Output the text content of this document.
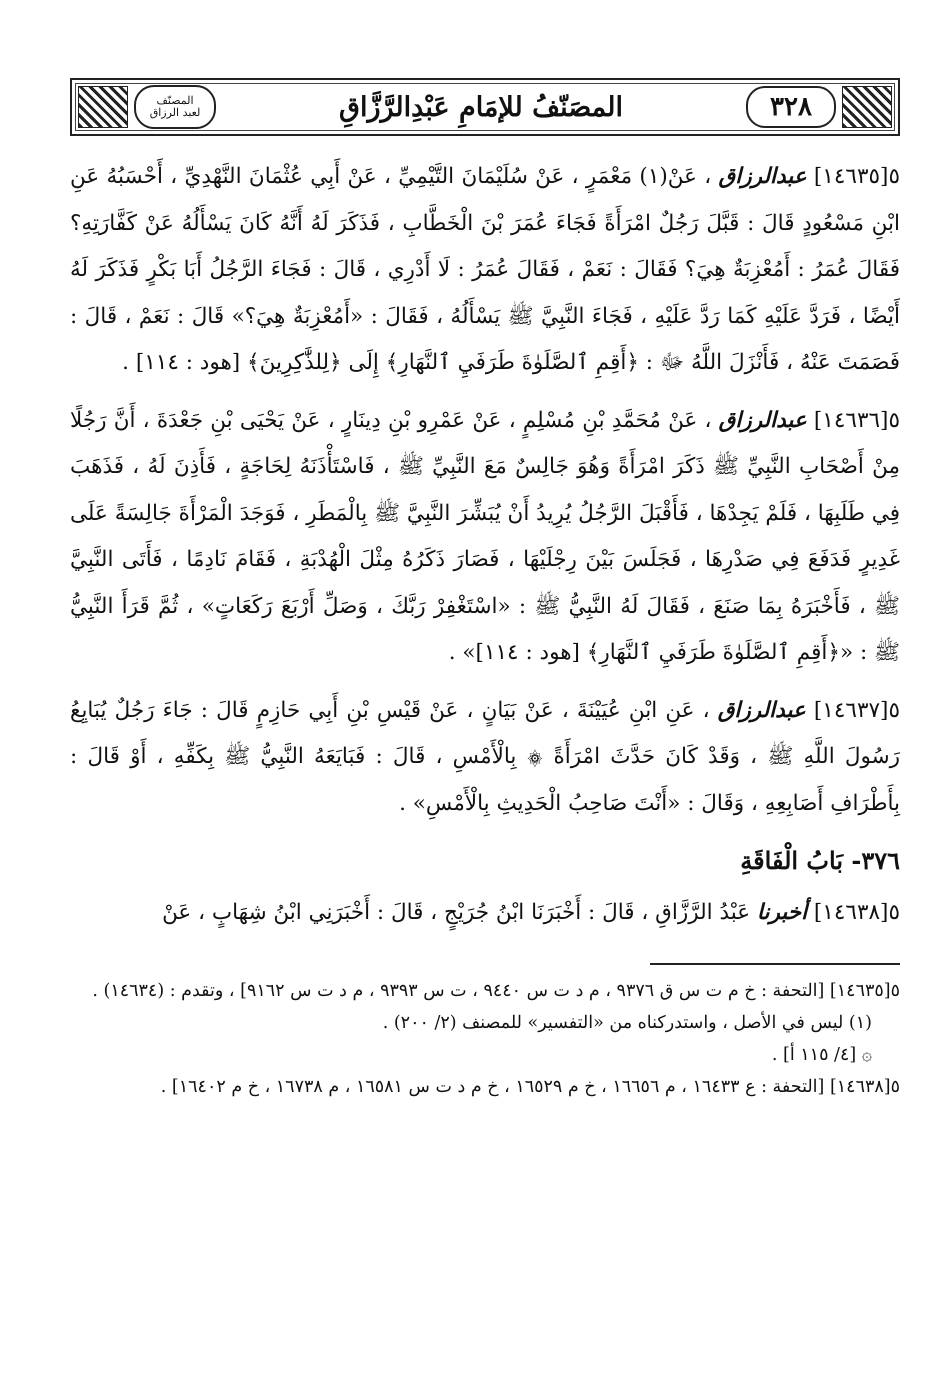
٣٢٨
المصَنّفُ للإمَامِ عَبْدِالرَّزَّاقِ
المصنّف
لعبد الرزاق

٥[١٤٦٣٥] عبدالرزاق ، عَنْ(١) مَعْمَرٍ ، عَنْ سُلَيْمَانَ التَّيْمِيِّ ، عَنْ أَبِي عُثْمَانَ النَّهْدِيِّ ، أَحْسَبُهُ عَنِ ابْنِ مَسْعُودٍ قَالَ : قَبَّلَ رَجُلٌ امْرَأَةً فَجَاءَ عُمَرَ بْنَ الْخَطَّابِ ، فَذَكَرَ لَهُ أَنَّهُ كَانَ يَسْأَلُهُ عَنْ كَفَّارَتِهِ؟ فَقَالَ عُمَرُ : أَمُعْزِبَةٌ هِيَ؟ فَقَالَ : نَعَمْ ، فَقَالَ عُمَرُ : لَا أَدْرِي ، قَالَ : فَجَاءَ الرَّجُلُ أَبَا بَكْرٍ فَذَكَرَ لَهُ أَيْضًا ، فَرَدَّ عَلَيْهِ كَمَا رَدَّ عَلَيْهِ ، فَجَاءَ النَّبِيَّ ﷺ يَسْأَلُهُ ، فَقَالَ : «أَمُعْزِبَةٌ هِيَ؟» قَالَ : نَعَمْ ، قَالَ : فَصَمَتَ عَنْهُ ، فَأَنْزَلَ اللَّهُ ﷻ : ﴿أَقِمِ ٱلصَّلَوٰةَ طَرَفَيِ ٱلنَّهَارِ﴾ إِلَى ﴿لِلذَّٰكِرِينَ﴾ [هود : ١١٤] .

٥[١٤٦٣٦] عبدالرزاق ، عَنْ مُحَمَّدِ بْنِ مُسْلِمٍ ، عَنْ عَمْرِو بْنِ دِينَارٍ ، عَنْ يَحْيَى بْنِ جَعْدَةَ ، أَنَّ رَجُلًا مِنْ أَصْحَابِ النَّبِيِّ ﷺ ذَكَرَ امْرَأَةً وَهُوَ جَالِسٌ مَعَ النَّبِيِّ ﷺ ، فَاسْتَأْذَنَهُ لِحَاجَةٍ ، فَأَذِنَ لَهُ ، فَذَهَبَ فِي طَلَبِهَا ، فَلَمْ يَجِدْهَا ، فَأَقْبَلَ الرَّجُلُ يُرِيدُ أَنْ يُبَشِّرَ النَّبِيَّ ﷺ بِالْمَطَرِ ، فَوَجَدَ الْمَرْأَةَ جَالِسَةً عَلَى غَدِيرٍ فَدَفَعَ فِي صَدْرِهَا ، فَجَلَسَ بَيْنَ رِجْلَيْهَا ، فَصَارَ ذَكَرُهُ مِثْلَ الْهُدْبَةِ ، فَقَامَ نَادِمًا ، فَأَتَى النَّبِيَّ ﷺ ، فَأَخْبَرَهُ بِمَا صَنَعَ ، فَقَالَ لَهُ النَّبِيُّ ﷺ : «اسْتَغْفِرْ رَبَّكَ ، وَصَلِّ أَرْبَعَ رَكَعَاتٍ» ، ثُمَّ قَرَأَ النَّبِيُّ ﷺ : «﴿أَقِمِ ٱلصَّلَوٰةَ طَرَفَيِ ٱلنَّهَارِ﴾ [هود : ١١٤]» .

٥[١٤٦٣٧] عبدالرزاق ، عَنِ ابْنِ عُيَيْنَةَ ، عَنْ بَيَانٍ ، عَنْ قَيْسِ بْنِ أَبِي حَازِمٍ قَالَ : جَاءَ رَجُلٌ يُبَايِعُ رَسُولَ اللَّهِ ﷺ ، وَقَدْ كَانَ حَدَّثَ امْرَأَةً ۞ بِالْأَمْسِ ، قَالَ : فَبَايَعَهُ النَّبِيُّ ﷺ بِكَفِّهِ ، أَوْ قَالَ : بِأَطْرَافِ أَصَابِعِهِ ، وَقَالَ : «أَنْتَ صَاحِبُ الْحَدِيثِ بِالْأَمْسِ» .

٣٧٦- بَابُ الْفَاقَةِ

٥[١٤٦٣٨] أخبرنا عَبْدُ الرَّزَّاقِ ، قَالَ : أَخْبَرَنَا ابْنُ جُرَيْجٍ ، قَالَ : أَخْبَرَنِي ابْنُ شِهَابٍ ، عَنْ

٥[١٤٦٣٥] [التحفة : خ م ت س ق ٩٣٧٦ ، م د ت س ٩٤٤٠ ، ت س ٩٣٩٣ ، م د ت س ٩١٦٢] ، وتقدم : (١٤٦٣٤) .

(١) ليس في الأصل ، واستدركناه من «التفسير» للمصنف (٢/ ٢٠٠) .

۞ [٤/ ١١٥ أ] .

٥[١٤٦٣٨] [التحفة : ع ١٦٤٣٣ ، م ١٦٦٥٦ ، خ م ١٦٥٢٩ ، خ م د ت س ١٦٥٨١ ، م ١٦٧٣٨ ، خ م ١٦٤٠٢] .
